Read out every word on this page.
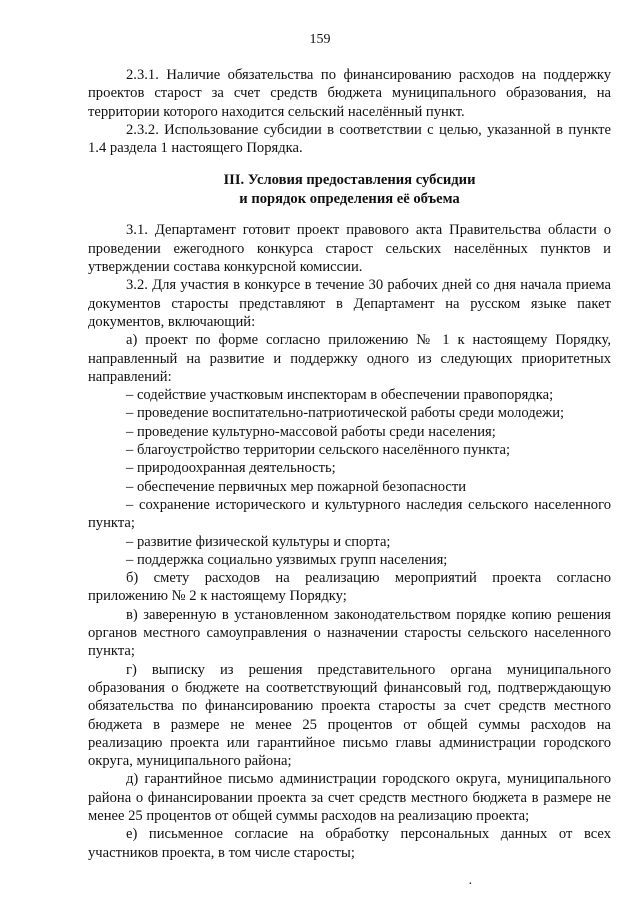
159

2.3.1. Наличие обязательства по финансированию расходов на поддержку проектов старост за счет средств бюджета муниципального образования, на территории которого находится сельский населённый пункт.

2.3.2. Использование субсидии в соответствии с целью, указанной в пункте 1.4 раздела 1 настоящего Порядка.

III. Условия предоставления субсидии
и порядок определения её объема

3.1. Департамент готовит проект правового акта Правительства области о проведении ежегодного конкурса старост сельских населённых пунктов и утверждении состава конкурсной комиссии.

3.2. Для участия в конкурсе в течение 30 рабочих дней со дня начала приема документов старосты представляют в Департамент на русском языке пакет документов, включающий:

а) проект по форме согласно приложению № 1 к настоящему Порядку, направленный на развитие и поддержку одного из следующих приоритетных направлений:

– содействие участковым инспекторам в обеспечении правопорядка;

– проведение воспитательно-патриотической работы среди молодежи;

– проведение культурно-массовой работы среди населения;

– благоустройство территории сельского населённого пункта;

– природоохранная деятельность;

– обеспечение первичных мер пожарной безопасности

– сохранение исторического и культурного наследия сельского населенного пункта;

– развитие физической культуры и спорта;

– поддержка социально уязвимых групп населения;

б) смету расходов на реализацию мероприятий проекта согласно приложению № 2 к настоящему Порядку;

в) заверенную в установленном законодательством порядке копию решения органов местного самоуправления о назначении старосты сельского населенного пункта;

г) выписку из решения представительного органа муниципального образования о бюджете на соответствующий финансовый год, подтверждающую обязательства по финансированию проекта старосты за счет средств местного бюджета в размере не менее 25 процентов от общей суммы расходов на реализацию проекта или гарантийное письмо главы администрации городского округа, муниципального района;

д) гарантийное письмо администрации городского округа, муниципального района о финансировании проекта за счет средств местного бюджета в размере не менее 25 процентов от общей суммы расходов на реализацию проекта;

е) письменное согласие на обработку персональных данных от всех участников проекта, в том числе старосты;

·
